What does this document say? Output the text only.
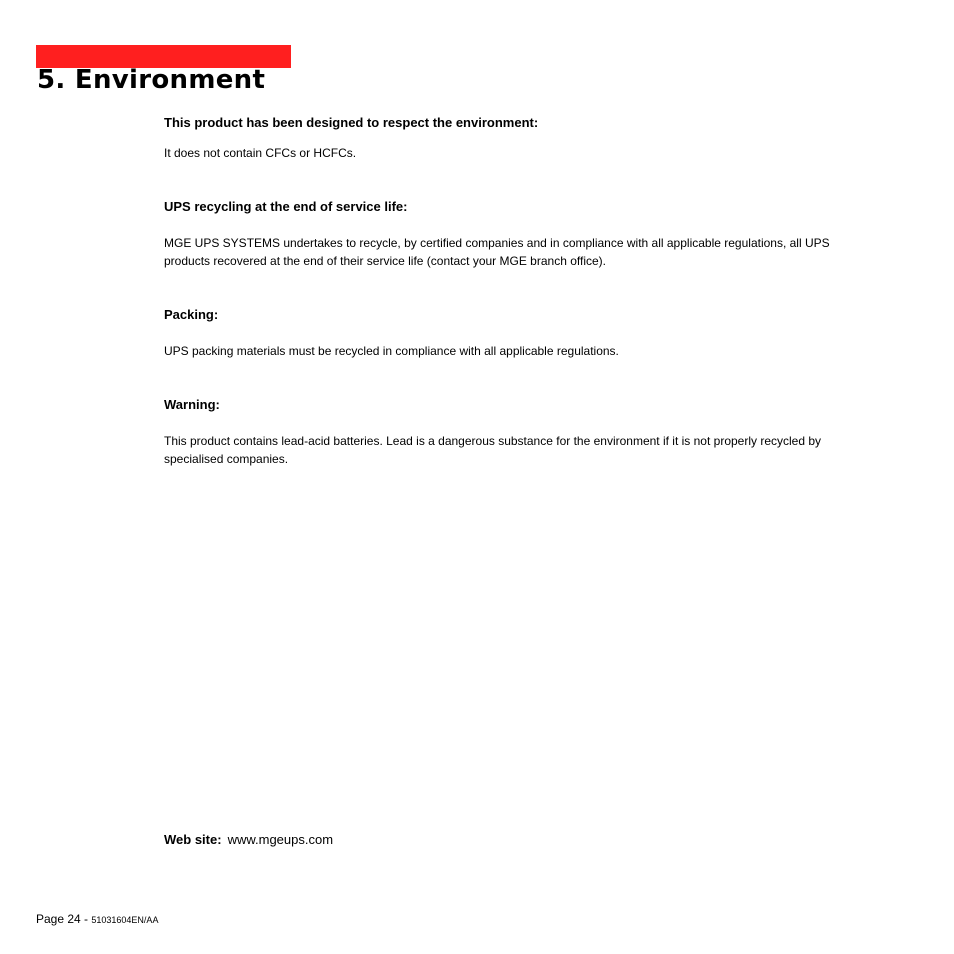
5. Environment
This product has been designed to respect the environment:

It does not contain CFCs or HCFCs.

UPS recycling at the end of service life:

MGE UPS SYSTEMS undertakes to recycle, by certified companies and in compliance with all applicable regulations, all UPS products recovered at the end of their service life (contact your MGE branch office).

Packing:

UPS packing materials must be recycled in compliance with all applicable regulations.

Warning:

This product contains lead-acid batteries. Lead is a dangerous substance for the environment if it is not properly recycled by specialised companies.

Web site: www.mgeups.com
Page 24 - 51031604EN/AA
